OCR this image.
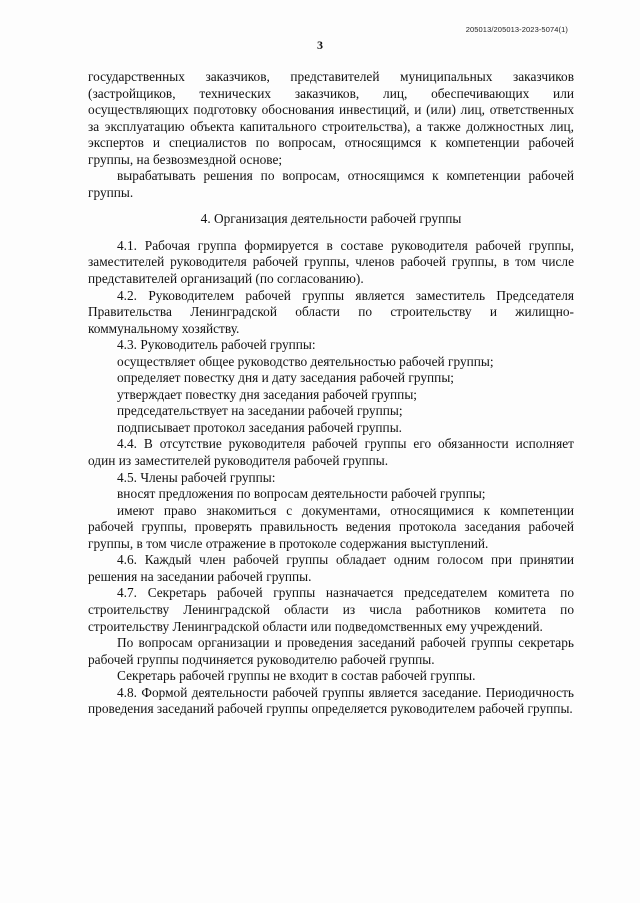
205013/205013-2023-5074(1)
3

государственных заказчиков, представителей муниципальных заказчиков (застройщиков, технических заказчиков, лиц, обеспечивающих или осуществляющих подготовку обоснования инвестиций, и (или) лиц, ответственных за эксплуатацию объекта капитального строительства), а также должностных лиц, экспертов и специалистов по вопросам, относящимся к компетенции рабочей группы, на безвозмездной основе;

вырабатывать решения по вопросам, относящимся к компетенции рабочей группы.

4. Организация деятельности рабочей группы

4.1. Рабочая группа формируется в составе руководителя рабочей группы, заместителей руководителя рабочей группы, членов рабочей группы, в том числе представителей организаций (по согласованию).

4.2. Руководителем рабочей группы является заместитель Председателя Правительства Ленинградской области по строительству и жилищно-коммунальному хозяйству.

4.3. Руководитель рабочей группы:

осуществляет общее руководство деятельностью рабочей группы;

определяет повестку дня и дату заседания рабочей группы;

утверждает повестку дня заседания рабочей группы;

председательствует на заседании рабочей группы;

подписывает протокол заседания рабочей группы.

4.4. В отсутствие руководителя рабочей группы его обязанности исполняет один из заместителей руководителя рабочей группы.

4.5. Члены рабочей группы:

вносят предложения по вопросам деятельности рабочей группы;

имеют право знакомиться с документами, относящимися к компетенции рабочей группы, проверять правильность ведения протокола заседания рабочей группы, в том числе отражение в протоколе содержания выступлений.

4.6. Каждый член рабочей группы обладает одним голосом при принятии решения на заседании рабочей группы.

4.7. Секретарь рабочей группы назначается председателем комитета по строительству Ленинградской области из числа работников комитета по строительству Ленинградской области или подведомственных ему учреждений.

По вопросам организации и проведения заседаний рабочей группы секретарь рабочей группы подчиняется руководителю рабочей группы.

Секретарь рабочей группы не входит в состав рабочей группы.

4.8. Формой деятельности рабочей группы является заседание. Периодичность проведения заседаний рабочей группы определяется руководителем рабочей группы.
